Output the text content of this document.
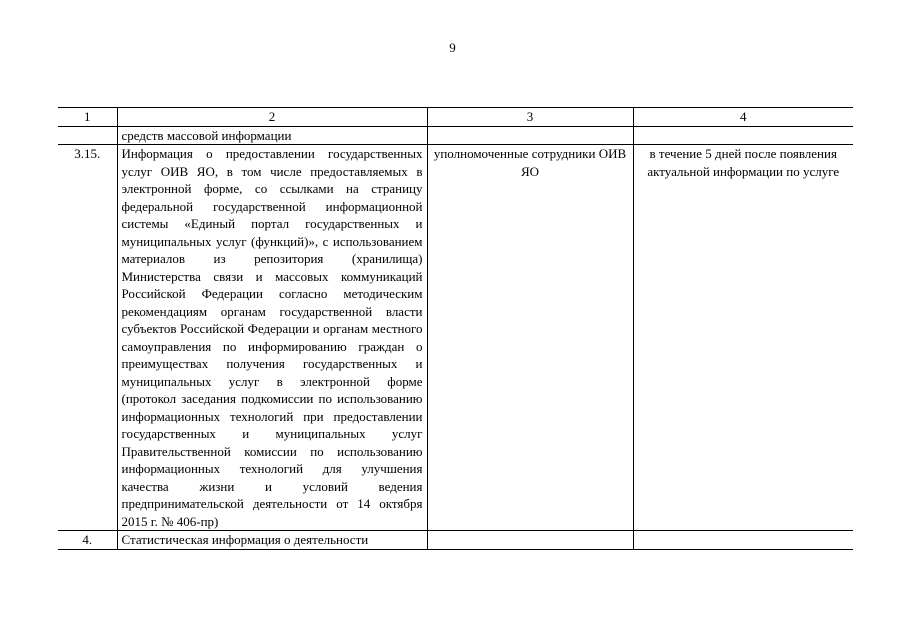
9
1	2	3	4
	средств массовой информации		
3.15.	Информация о предоставлении государственных услуг ОИВ ЯО, в том числе предоставляемых в электронной форме, со ссылками на страницу федеральной государственной информационной системы «Единый портал государственных и муниципальных услуг (функций)», с использованием материалов из репозитория (хранилища) Министерства связи и массовых коммуникаций Российской Федерации согласно методическим рекомендациям органам государственной власти субъектов Российской Федерации и органам местного самоуправления по информированию граждан о преимуществах получения государственных и муниципальных услуг в электронной форме (протокол заседания подкомиссии по использованию информационных технологий при предоставлении государственных и муниципальных услуг Правительственной комиссии по использованию информационных технологий для улучшения качества жизни и условий ведения предпринимательской деятельности от 14 октября 2015 г. № 406-пр)	уполномоченные сотрудники ОИВ ЯО	в течение 5 дней после появления актуальной информации по услуге
4.	Статистическая информация о деятельности		
